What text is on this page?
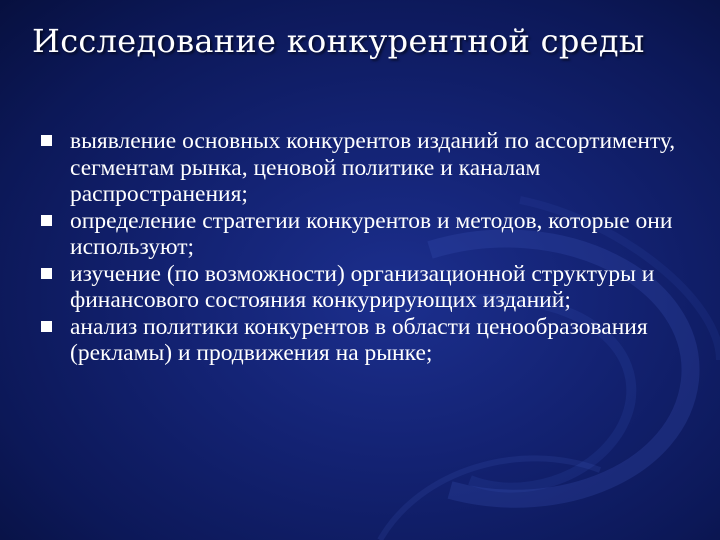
Исследование конкурентной среды
выявление основных конкурентов изданий по ассортименту, сегментам рынка, ценовой политике и каналам распространения;
определение стратегии конкурентов и методов, которые они используют;
изучение (по возможности) организационной структуры и финансового состояния конкурирующих изданий;
анализ политики конкурентов в области ценообразования (рекламы) и продвижения на рынке;
